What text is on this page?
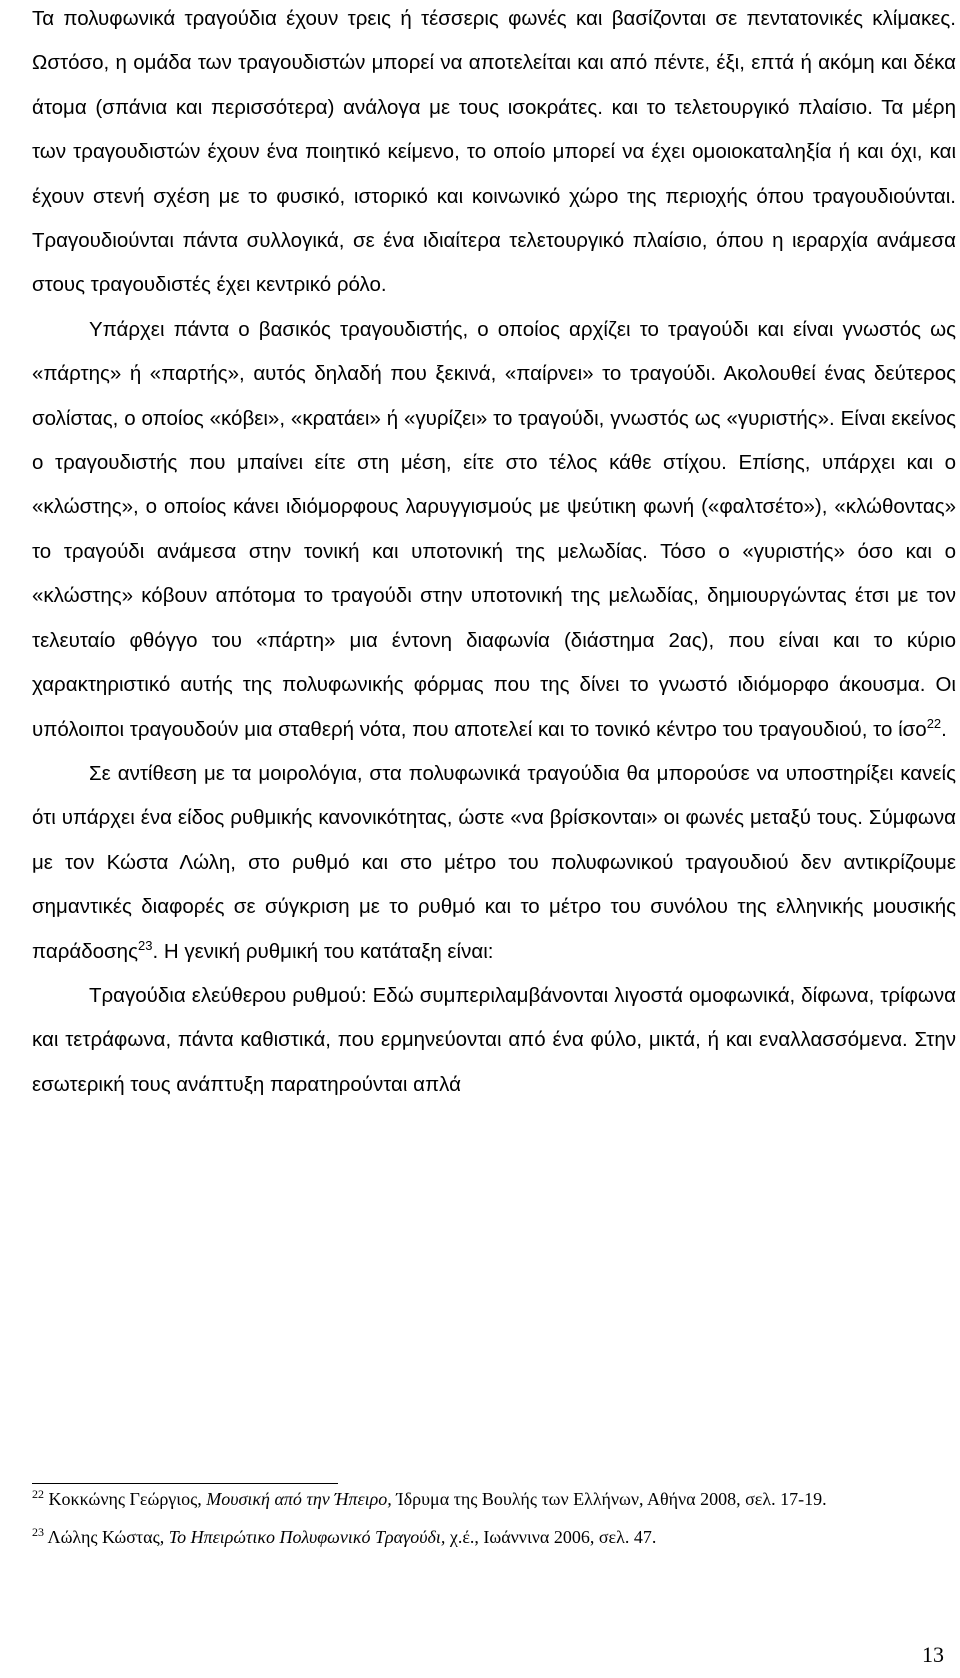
Τα πολυφωνικά τραγούδια έχουν τρεις ή τέσσερις φωνές και βασίζονται σε πεντατονικές κλίμακες. Ωστόσο, η ομάδα των τραγουδιστών μπορεί να αποτελείται και από πέντε, έξι, επτά ή ακόμη και δέκα άτομα (σπάνια και περισσότερα) ανάλογα με τους ισοκράτες. και το τελετουργικό πλαίσιο. Τα μέρη των τραγουδιστών έχουν ένα ποιητικό κείμενο, το οποίο μπορεί να έχει ομοιοκαταληξία ή και όχι, και έχουν στενή σχέση με το φυσικό, ιστορικό και κοινωνικό χώρο της περιοχής όπου τραγουδιούνται. Τραγουδιούνται πάντα συλλογικά, σε ένα ιδιαίτερα τελετουργικό πλαίσιο, όπου η ιεραρχία ανάμεσα στους τραγουδιστές έχει κεντρικό ρόλο.

Υπάρχει πάντα ο βασικός τραγουδιστής, ο οποίος αρχίζει το τραγούδι και είναι γνωστός ως «πάρτης» ή «παρτής», αυτός δηλαδή που ξεκινά, «παίρνει» το τραγούδι. Ακολουθεί ένας δεύτερος σολίστας, ο οποίος «κόβει», «κρατάει» ή «γυρίζει» το τραγούδι, γνωστός ως «γυριστής». Είναι εκείνος ο τραγουδιστής που μπαίνει είτε στη μέση, είτε στο τέλος κάθε στίχου. Επίσης, υπάρχει και ο «κλώστης», ο οποίος κάνει ιδιόμορφους λαρυγγισμούς με ψεύτικη φωνή («φαλτσέτο»), «κλώθοντας» το τραγούδι ανάμεσα στην τονική και υποτονική της μελωδίας. Τόσο ο «γυριστής» όσο και ο «κλώστης» κόβουν απότομα το τραγούδι στην υποτονική της μελωδίας, δημιουργώντας έτσι με τον τελευταίο φθόγγο του «πάρτη» μια έντονη διαφωνία (διάστημα 2ας), που είναι και το κύριο χαρακτηριστικό αυτής της πολυφωνικής φόρμας που της δίνει το γνωστό ιδιόμορφο άκουσμα. Οι υπόλοιποι τραγουδούν μια σταθερή νότα, που αποτελεί και το τονικό κέντρο του τραγουδιού, το ίσο$^{22}$.

Σε αντίθεση με τα μοιρολόγια, στα πολυφωνικά τραγούδια θα μπορούσε να υποστηρίξει κανείς ότι υπάρχει ένα είδος ρυθμικής κανονικότητας, ώστε «να βρίσκονται» οι φωνές μεταξύ τους. Σύμφωνα με τον Κώστα Λώλη, στο ρυθμό και στο μέτρο του πολυφωνικού τραγουδιού δεν αντικρίζουμε σημαντικές διαφορές σε σύγκριση με το ρυθμό και το μέτρο του συνόλου της ελληνικής μουσικής παράδοσης$^{23}$. Η γενική ρυθμική του κατάταξη είναι:

Τραγούδια ελεύθερου ρυθμού: Εδώ συμπεριλαμβάνονται λιγοστά ομοφωνικά, δίφωνα, τρίφωνα και τετράφωνα, πάντα καθιστικά, που ερμηνεύονται από ένα φύλο, μικτά, ή και εναλλασσόμενα. Στην εσωτερική τους ανάπτυξη παρατηρούνται απλά

$^{22}$ Κοκκώνης Γεώργιος, Μουσική από την Ήπειρο, Ίδρυμα της Βουλής των Ελλήνων, Αθήνα 2008, σελ. 17-19.

$^{23}$ Λώλης Κώστας, Το Ηπειρώτικο Πολυφωνικό Τραγούδι, χ.έ., Ιωάννινα 2006, σελ. 47.

13
